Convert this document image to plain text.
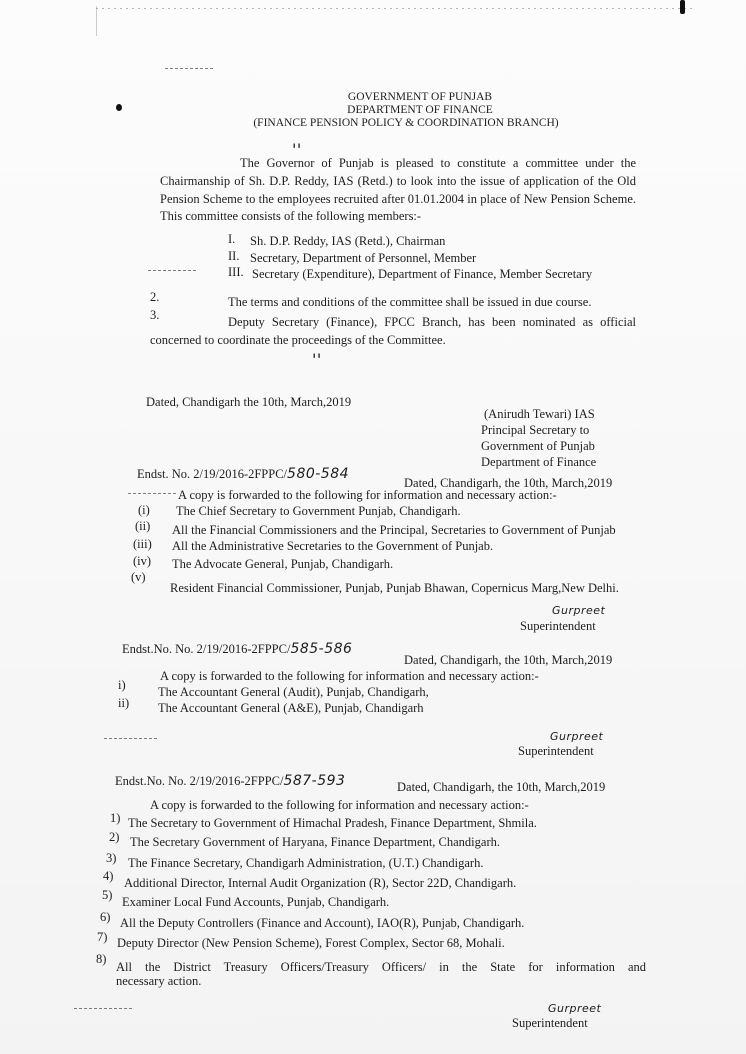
GOVERNMENT OF PUNJAB
DEPARTMENT OF FINANCE
(FINANCE PENSION POLICY & COORDINATION BRANCH)
''
The Governor of Punjab is pleased to constitute a committee under the
Chairmanship of Sh. D.P. Reddy, IAS (Retd.) to look into the issue of application of the Old
Pension Scheme to the employees recruited after 01.01.2004 in place of New Pension Scheme.
This committee consists of the following members:-
I. Sh. D.P. Reddy, IAS (Retd.), Chairman
II. Secretary, Department of Personnel, Member
III. Secretary (Expenditure), Department of Finance, Member Secretary
2.	The terms and conditions of the committee shall be issued in due course.
3.	Deputy Secretary (Finance), FPCC Branch, has been nominated as official
concerned to coordinate the proceedings of the Committee.
''
Dated, Chandigarh the 10th, March,2019
(Anirudh Tewari) IAS
Principal Secretary to
Government of Punjab
Department of Finance
Endst. No. 2/19/2016-2FPPC/580-584
Dated, Chandigarh, the 10th, March,2019
A copy is forwarded to the following for information and necessary action:-
(i) The Chief Secretary to Government Punjab, Chandigarh.
(ii) All the Financial Commissioners and the Principal, Secretaries to Government of Punjab
(iii) All the Administrative Secretaries to the Government of Punjab.
(iv) The Advocate General, Punjab, Chandigarh.
(v)
Resident Financial Commissioner, Punjab, Punjab Bhawan, Copernicus Marg,New Delhi.
Gurpreet
Superintendent
Endst.No. No. 2/19/2016-2FPPC/585-586
Dated, Chandigarh, the 10th, March,2019
A copy is forwarded to the following for information and necessary action:-
i)	The Accountant General (Audit), Punjab, Chandigarh,
ii) The Accountant General (A&E), Punjab, Chandigarh
Gurpreet
Superintendent
Endst.No. No. 2/19/2016-2FPPC/587-593	Dated, Chandigarh, the 10th, March,2019
A copy is forwarded to the following for information and necessary action:-
1) The Secretary to Government of Himachal Pradesh, Finance Department, Shmila.
2) The Secretary Government of Haryana, Finance Department, Chandigarh.
3) The Finance Secretary, Chandigarh Administration, (U.T.) Chandigarh.
4) Additional Director, Internal Audit Organization (R), Sector 22D, Chandigarh.
5) Examiner Local Fund Accounts, Punjab, Chandigarh.
6) All the Deputy Controllers (Finance and Account), IAO(R), Punjab, Chandigarh.
7) Deputy Director (New Pension Scheme), Forest Complex, Sector 68, Mohali.
8)
All the District Treasury Officers/Treasury Officers/ in the State for information and
necessary action.
Gurpreet
Superintendent
